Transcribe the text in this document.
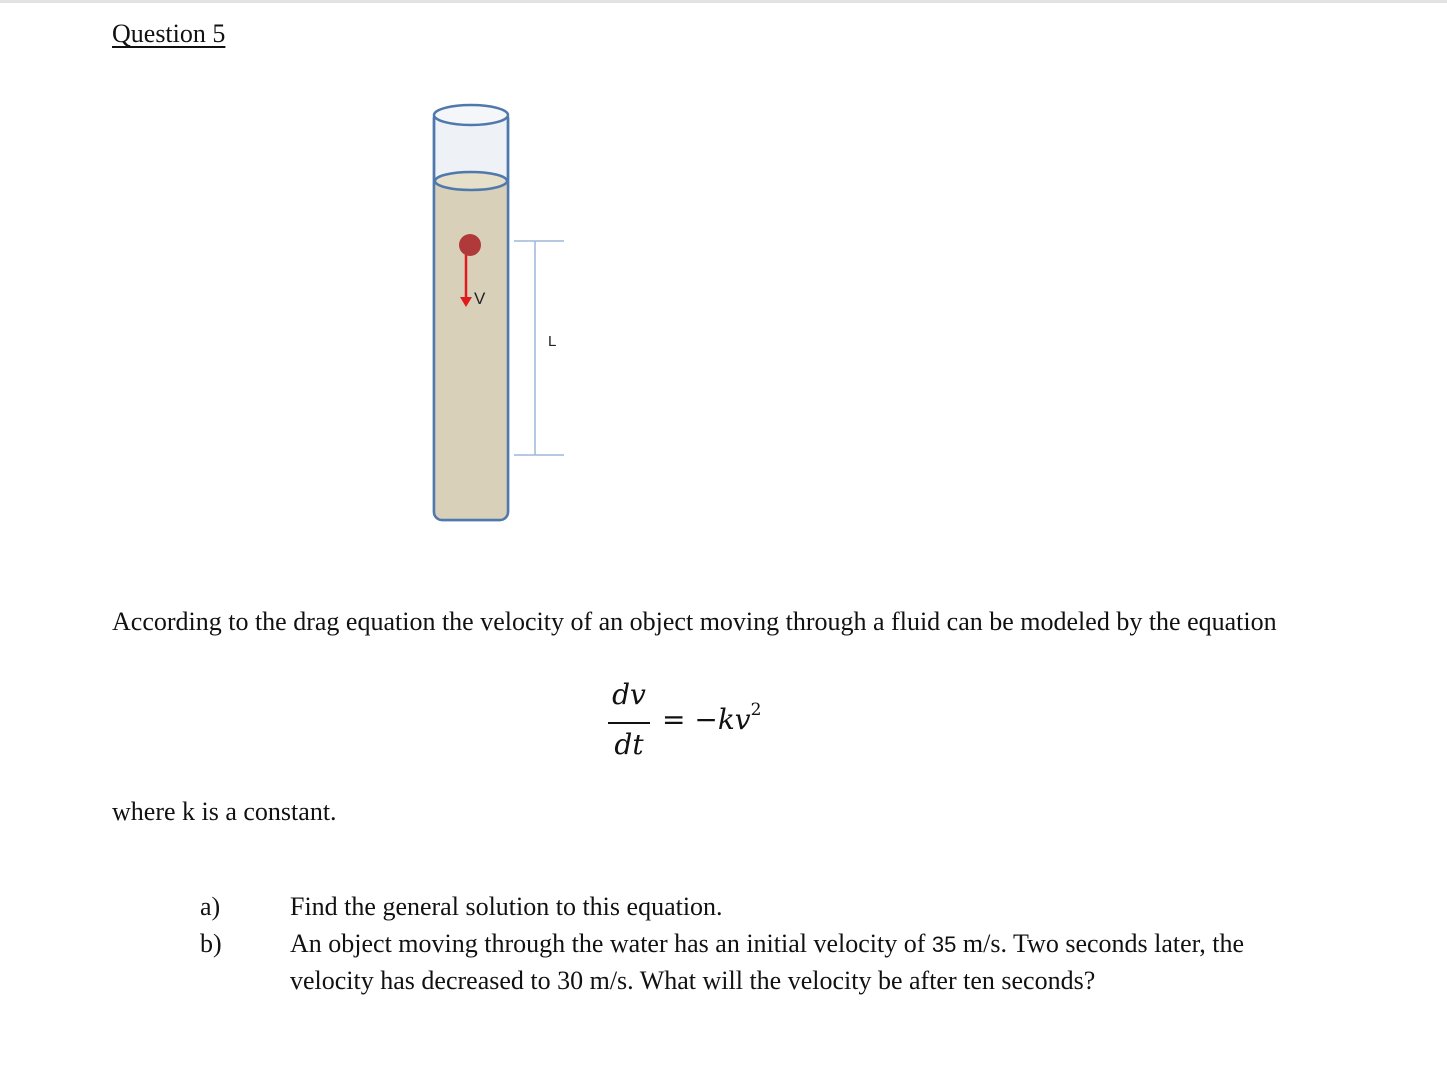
Question 5
V
L
According to the drag equation the velocity of an object moving through a fluid can be modeled by the equation
dv
dt
= $-kv^2$
where k is a constant.
a)	Find the general solution to this equation.
b)	An object moving through the water has an initial velocity of 35 m/s. Two seconds later, the
velocity has decreased to 30 m/s. What will the velocity be after ten seconds?
